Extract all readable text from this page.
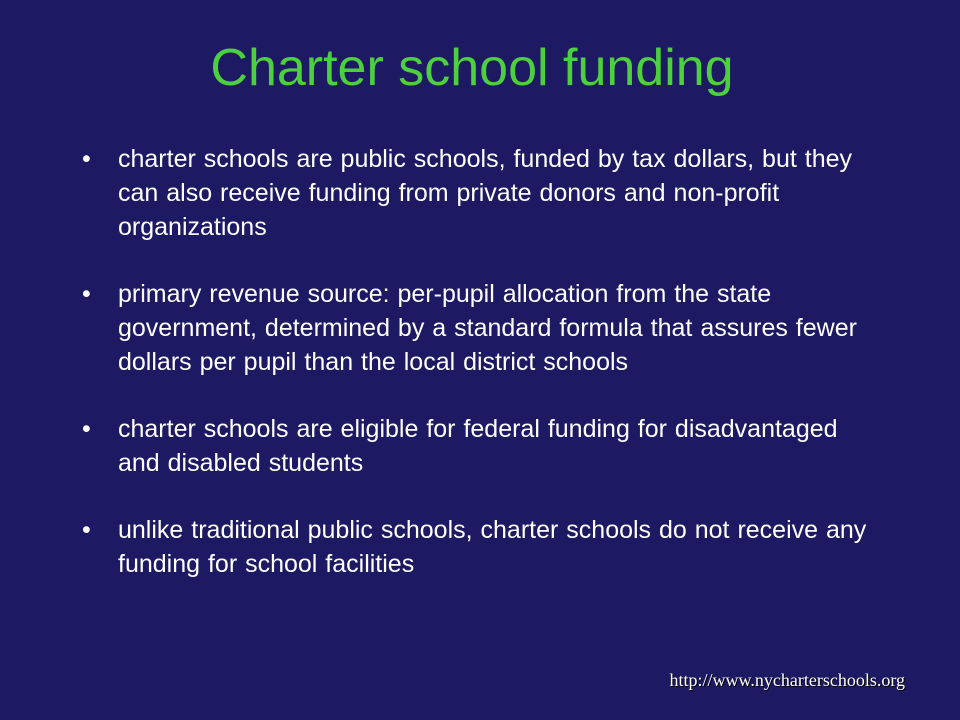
Charter school funding
•	charter schools are public schools, funded by tax dollars, but they can also receive funding from private donors and non-profit organizations
•	primary revenue source: per-pupil allocation from the state government, determined by a standard formula that assures fewer dollars per pupil than the local district schools
•	charter schools are eligible for federal funding for disadvantaged and disabled students
•	unlike traditional public schools, charter schools do not receive any funding for school facilities
http://www.nycharterschools.org
